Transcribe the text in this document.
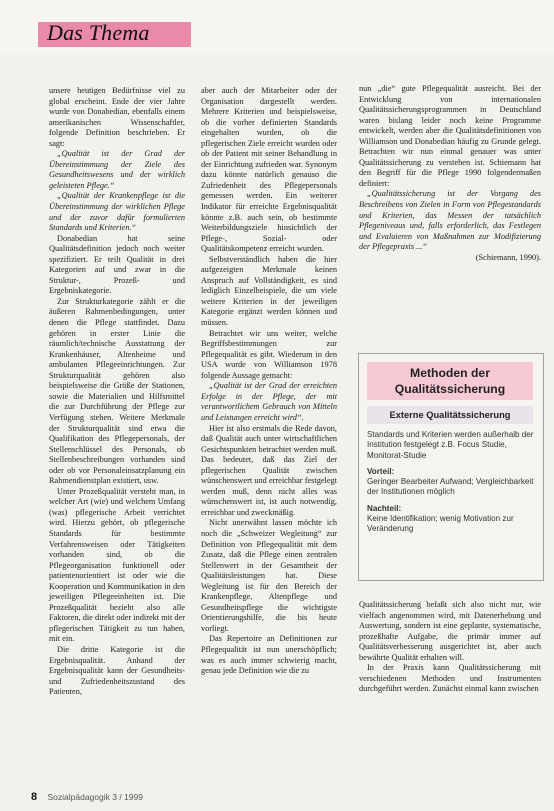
Das Thema

unsere heutigen Bedürfnisse viel zu global erscheint. Ende der vier Jahre wurde von Donabedian, ebenfalls einem amerikanischen Wissenschaftler, folgende Definition beschrieben. Er sagt:

„Qualität ist der Grad der Übereinstimmung der Ziele des Gesundheitswesens und der wirklich geleisteten Pflege.“

„Qualität der Krankenpflege ist die Übereinstimmung der wirklichen Pflege und der zuvor dafür formulierten Standards und Kriterien.“

Donabedian hat seine Qualitätsdefinition jedoch noch weiter spezifiziert. Er teilt Qualität in drei Kategorien auf und zwar in die Struktur-, Prozeß- und Ergebniskategorie.

Zur Strukturkategorie zählt er die äußeren Rahmenbedingungen, unter denen die Pflege stattfindet. Dazu gehören in erster Linie die räumlich/technische Ausstattung der Krankenhäuser, Altenheime und ambulanten Pflegeeinrichtungen. Zur Strukturqualität gehören also beispielsweise die Größe der Stationen, sowie die Materialien und Hilfsmittel die zur Durchführung der Pflege zur Verfügung stehen. Weitere Merkmale der Strukturqualität sind etwa die Qualifikation des Pflegepersonals, der Stellenschlüssel des Personals, ob Stellenbeschreibungen vorhanden sind oder ob vor Personaleinsatzplanung ein Rahmendienstplan existiert, usw.

Unter Prozeßqualität versteht man, in welcher Art (wie) und welchem Umfang (was) pflegerische Arbeit verrichtet wird. Hierzu gehört, ob pflegerische Standards für bestimmte Verfahrensweisen oder Tätigkeiten vorhanden sind, ob die Pflegeorganisation funktionell oder patientenorientiert ist oder wie die Kooperation und Kommunikation in den jeweiligen Pflegeeinheiten ist. Die Prozeßqualität bezieht also alle Faktoren, die direkt oder indirekt mit der pflegerischen Tätigkeit zu tun haben, mit ein.

Die dritte Kategorie ist die Ergebnisqualität. Anhand der Ergebnisqualität kann der Gesundheits- und Zufriedenheitszustand des Patienten,

aber auch der Mitarbeiter oder der Organisation dargestellt werden. Mehrere Kriterien und beispielsweise, ob die vorher definierten Standards eingehalten wurden, ob die pflegerischen Ziele erreicht wurden oder ob der Patient mit seiner Behandlung in der Einrichtung zufrieden war. Synonym dazu könnte natürlich genauso die Zufriedenheit des Pflegepersonals gemessen werden. Ein weiterer Indikator für erreichte Ergebnisqualität könnte z.B. auch sein, ob bestimmte Weiterbildungsziele hinsichtlich der Pflege-, Sozial- oder Qualitätskompetenz erreicht wurden.

Selbstverständlich haben die hier aufgezeigten Merkmale keinen Anspruch auf Vollständigkeit, es sind lediglich Einzelbeispiele, die um viele weitere Kriterien in der jeweiligen Kategorie ergänzt werden können und müssen.

Betrachtet wir uns weiter, welche Begriffsbestimmungen zur Pflegequalität es gibt. Wiederum in den USA wurde von Williamson 1978 folgende Aussage gemacht:

„Qualität ist der Grad der erreichten Erfolge in der Pflege, der mit verantwortlichem Gebrauch von Mitteln und Leistungen erreicht wird“.

Hier ist also erstmals die Rede davon, daß Qualität auch unter wirtschaftlichen Gesichtspunkten betrachtet werden muß. Das bedeutet, daß das Ziel der pflegerischen Qualität zwischen wünschenswert und erreichbar festgelegt werden muß, denn nicht alles was wünschenswert ist, ist auch notwendig, erreichbar und zweckmäßig.

Nicht unerwähnt lassen möchte ich noch die „Schweizer Wegleitung“ zur Definition von Pflegequalität mit dem Zusatz, daß die Pflege einen zentralen Stellenwert in der Gesamtheit der Qualitätsleistungen hat. Diese Wegleitung ist für den Bereich der Krankenpflege, Altenpflege und Gesundheitspflege die wichtigste Orientierungshilfe, die bis heute vorliegt.

Das Repertoire an Definitionen zur Pflegequalität ist nun unerschöpflich; was es auch immer schwierig macht, genau jede Definition wie die zu

nun „die“ gute Pflegequalität ausreicht. Bei der Entwicklung von internationalen Qualitätssicherungsprogrammen in Deutschland waren bislang leider noch keine Programme entwickelt, werden aber die Qualitätsdefinitionen von Williamson und Donabedian häufig zu Grunde gelegt. Betrachten wir nun einmal genauer was unter Qualitätssicherung zu verstehen ist. Schiemann hat den Begriff für die Pflege 1990 folgendermaßen definiert:

„Qualitätssicherung ist der Vorgang des Beschreibens von Zielen in Form von Pflegestandards und Kriterien, das Messen der tatsächlich Pflegeniveaus und, falls erforderlich, das Festlegen und Evaluieren von Maßnahmen zur Modifizierung der Pflegepraxis ...“

(Schiemann, 1990).

Methoden der Qualitätssicherung
Externe Qualitätssicherung
Standards und Kriterien werden außerhalb der Institution festgelegt z.B. Focus Studie, Monitorat-Studie
Vorteil:
Geringer Bearbeiter Aufwand; Vergleichbarkeit der Institutionen möglich
Nachteil:
Keine Identifikation; wenig Motivation zur Veränderung

Qualitätssicherung befaßt sich also nicht nur, wie vielfach angenommen wird, mit Datenerhebung und Auswertung, sondern ist eine geplante, systematische, prozeßhafte Aufgabe, die primär immer auf Qualitätsverbesserung ausgerichtet ist, aber auch bewährte Qualität erhalten will.

In der Praxis kann Qualitätssicherung mit verschiedenen Methoden und Instrumenten durchgeführt werden. Zunächst einmal kann zwischen

8 Sozialpädagogik 3 / 1999
